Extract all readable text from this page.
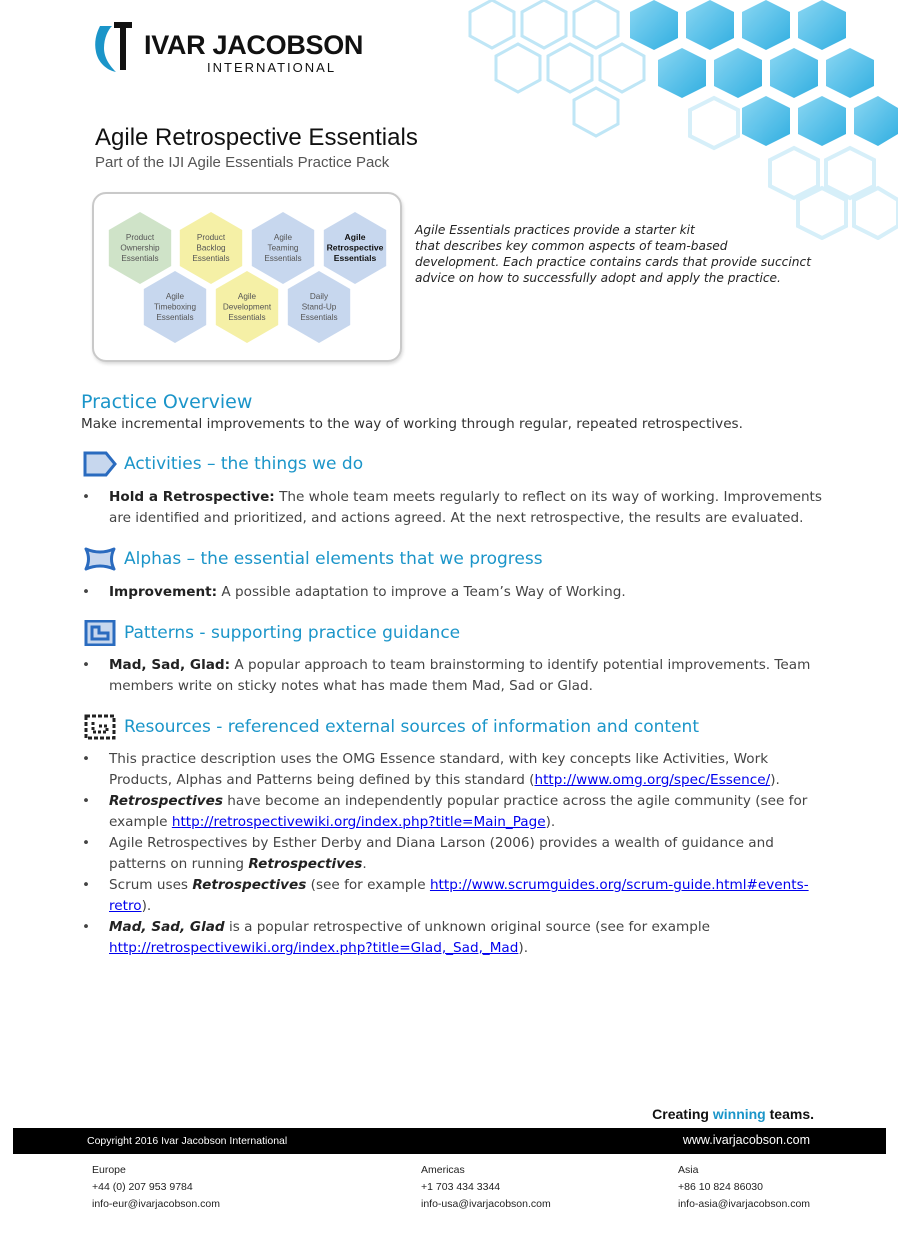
IVAR JACOBSON
INTERNATIONAL
Agile Retrospective Essentials
Part of the IJI Agile Essentials Practice Pack
Product
Ownership
Essentials
Product
Backlog
Essentials
Agile
Teaming
Essentials
Agile
Retrospective
Essentials
Agile
Timeboxing
Essentials
Agile
Development
Essentials
Daily
Stand-Up
Essentials
Agile Essentials practices provide a starter kit
that describes key common aspects of team-based
development. Each practice contains cards that provide succinct
advice on how to successfully adopt and apply the practice.
Practice Overview
Make incremental improvements to the way of working through regular, repeated retrospectives.
Activities – the things we do
• Hold a Retrospective: The whole team meets regularly to reflect on its way of working. Improvements
are identified and prioritized, and actions agreed. At the next retrospective, the results are evaluated.
Alphas – the essential elements that we progress
• Improvement: A possible adaptation to improve a Team’s Way of Working.
Patterns - supporting practice guidance
• Mad, Sad, Glad: A popular approach to team brainstorming to identify potential improvements. Team
members write on sticky notes what has made them Mad, Sad or Glad.
Resources - referenced external sources of information and content
• This practice description uses the OMG Essence standard, with key concepts like Activities, Work
Products, Alphas and Patterns being defined by this standard (http://www.omg.org/spec/Essence/).
• Retrospectives have become an independently popular practice across the agile community (see for
example http://retrospectivewiki.org/index.php?title=Main_Page).
• Agile Retrospectives by Esther Derby and Diana Larson (2006) provides a wealth of guidance and
patterns on running Retrospectives.
• Scrum uses Retrospectives (see for example http://www.scrumguides.org/scrum-guide.html#events-
retro).
• Mad, Sad, Glad is a popular retrospective of unknown original source (see for example
http://retrospectivewiki.org/index.php?title=Glad,_Sad,_Mad).
Creating winning teams.
Copyright 2016 Ivar Jacobson International	www.ivarjacobson.com
Europe
+44 (0) 207 953 9784
info-eur@ivarjacobson.com
Americas
+1 703 434 3344
info-usa@ivarjacobson.com
Asia
+86 10 824 86030
info-asia@ivarjacobson.com
